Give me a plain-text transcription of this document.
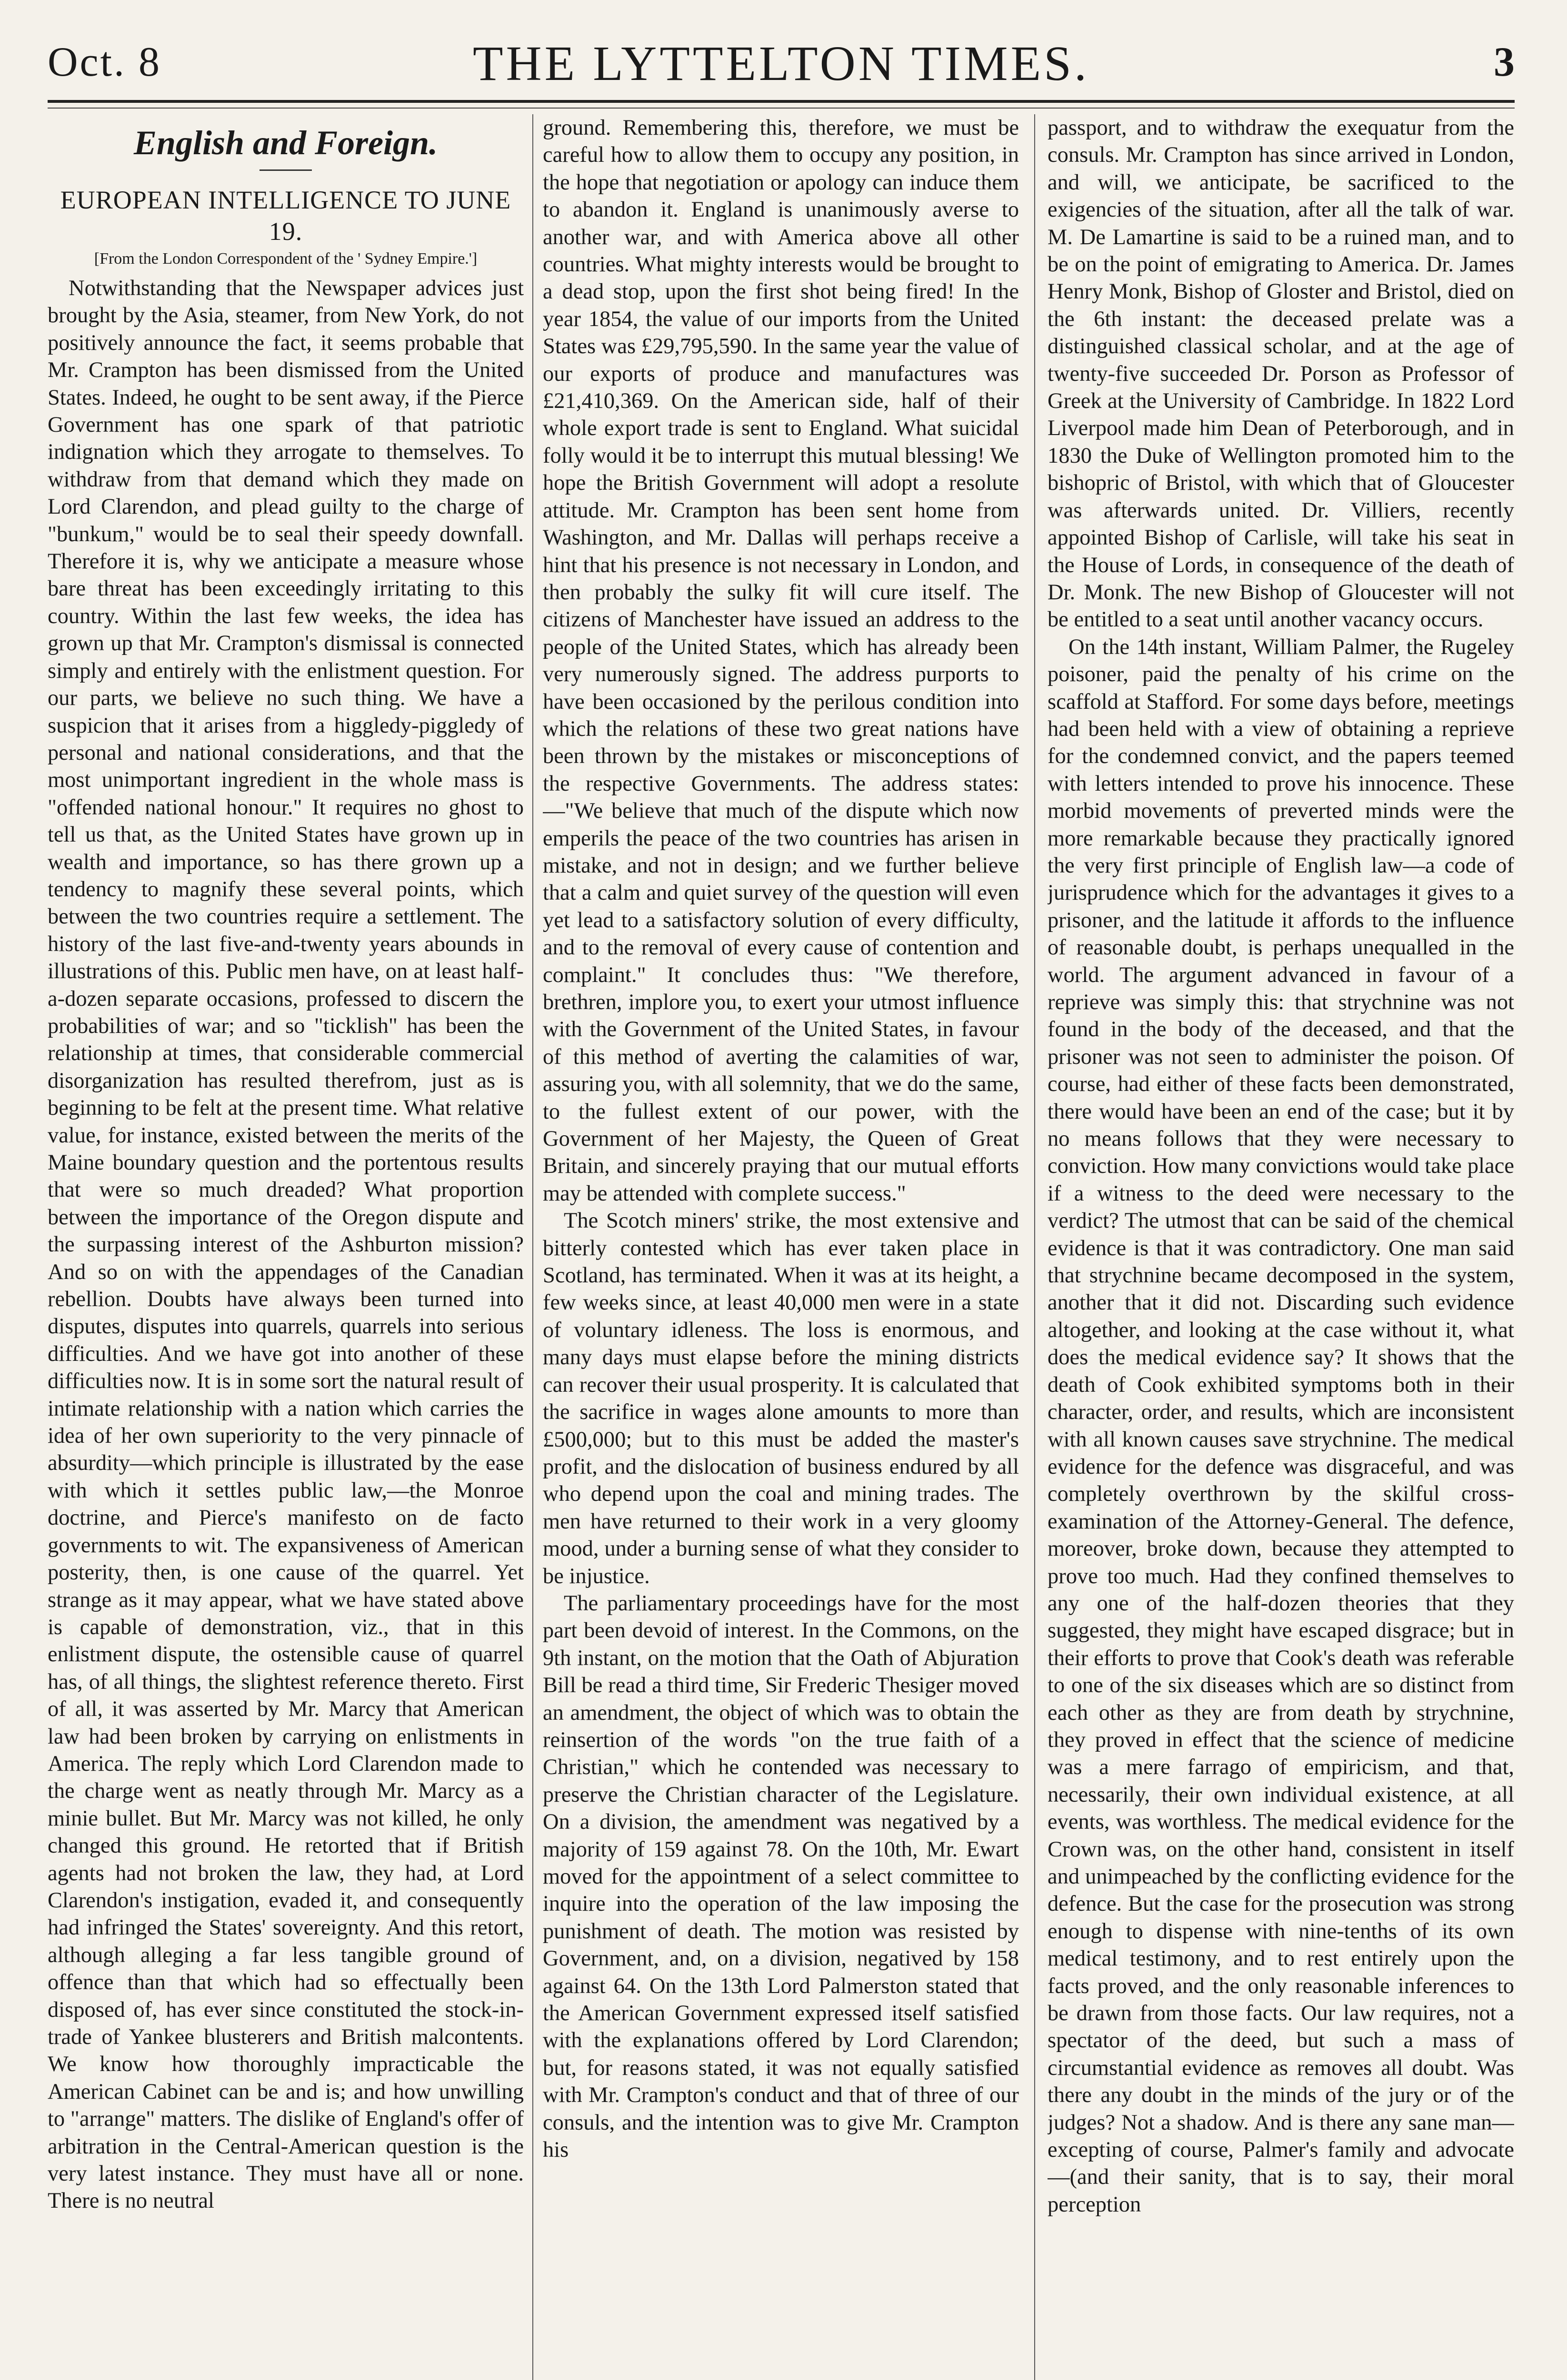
Oct. 8	THE LYTTELTON TIMES.	3
English and Foreign.
EUROPEAN INTELLIGENCE TO JUNE 19.
[From the London Correspondent of the ' Sydney Empire.']

Notwithstanding that the Newspaper advices just brought by the Asia, steamer, from New York, do not positively announce the fact, it seems probable that Mr. Crampton has been dismissed from the United States. Indeed, he ought to be sent away, if the Pierce Government has one spark of that patriotic indignation which they arrogate to themselves. To withdraw from that demand which they made on Lord Clarendon, and plead guilty to the charge of "bunkum," would be to seal their speedy downfall. Therefore it is, why we anticipate a measure whose bare threat has been exceedingly irritating to this country. Within the last few weeks, the idea has grown up that Mr. Crampton's dismissal is connected simply and entirely with the enlistment question. For our parts, we believe no such thing. We have a suspicion that it arises from a higgledy-piggledy of personal and national considerations, and that the most unimportant ingredient in the whole mass is "offended national honour." It requires no ghost to tell us that, as the United States have grown up in wealth and importance, so has there grown up a tendency to magnify these several points, which between the two countries require a settlement. The history of the last five-and-twenty years abounds in illustrations of this. Public men have, on at least half-a-dozen separate occasions, professed to discern the probabilities of war; and so "ticklish" has been the relationship at times, that considerable commercial disorganization has resulted therefrom, just as is beginning to be felt at the present time. What relative value, for instance, existed between the merits of the Maine boundary question and the portentous results that were so much dreaded? What proportion between the importance of the Oregon dispute and the surpassing interest of the Ashburton mission? And so on with the appendages of the Canadian rebellion. Doubts have always been turned into disputes, disputes into quarrels, quarrels into serious difficulties. And we have got into another of these difficulties now. It is in some sort the natural result of intimate relationship with a nation which carries the idea of her own superiority to the very pinnacle of absurdity—which principle is illustrated by the ease with which it settles public law,—the Monroe doctrine, and Pierce's manifesto on de facto governments to wit. The expansiveness of American posterity, then, is one cause of the quarrel. Yet strange as it may appear, what we have stated above is capable of demonstration, viz., that in this enlistment dispute, the ostensible cause of quarrel has, of all things, the slightest reference thereto. First of all, it was asserted by Mr. Marcy that American law had been broken by carrying on enlistments in America. The reply which Lord Clarendon made to the charge went as neatly through Mr. Marcy as a minie bullet. But Mr. Marcy was not killed, he only changed this ground. He retorted that if British agents had not broken the law, they had, at Lord Clarendon's instigation, evaded it, and consequently had infringed the States' sovereignty. And this retort, although alleging a far less tangible ground of offence than that which had so effectually been disposed of, has ever since constituted the stock-in-trade of Yankee blusterers and British malcontents. We know how thoroughly impracticable the American Cabinet can be and is; and how unwilling to "arrange" matters. The dislike of England's offer of arbitration in the Central-American question is the very latest instance. They must have all or none. There is no neutral

ground. Remembering this, therefore, we must be careful how to allow them to occupy any position, in the hope that negotiation or apology can induce them to abandon it. England is unanimously averse to another war, and with America above all other countries. What mighty interests would be brought to a dead stop, upon the first shot being fired! In the year 1854, the value of our imports from the United States was £29,795,590. In the same year the value of our exports of produce and manufactures was £21,410,369. On the American side, half of their whole export trade is sent to England. What suicidal folly would it be to interrupt this mutual blessing! We hope the British Government will adopt a resolute attitude. Mr. Crampton has been sent home from Washington, and Mr. Dallas will perhaps receive a hint that his presence is not necessary in London, and then probably the sulky fit will cure itself. The citizens of Manchester have issued an address to the people of the United States, which has already been very numerously signed. The address purports to have been occasioned by the perilous condition into which the relations of these two great nations have been thrown by the mistakes or misconceptions of the respective Governments. The address states:—"We believe that much of the dispute which now emperils the peace of the two countries has arisen in mistake, and not in design; and we further believe that a calm and quiet survey of the question will even yet lead to a satisfactory solution of every difficulty, and to the removal of every cause of contention and complaint." It concludes thus: "We therefore, brethren, implore you, to exert your utmost influence with the Government of the United States, in favour of this method of averting the calamities of war, assuring you, with all solemnity, that we do the same, to the fullest extent of our power, with the Government of her Majesty, the Queen of Great Britain, and sincerely praying that our mutual efforts may be attended with complete success."

The Scotch miners' strike, the most extensive and bitterly contested which has ever taken place in Scotland, has terminated. When it was at its height, a few weeks since, at least 40,000 men were in a state of voluntary idleness. The loss is enormous, and many days must elapse before the mining districts can recover their usual prosperity. It is calculated that the sacrifice in wages alone amounts to more than £500,000; but to this must be added the master's profit, and the dislocation of business endured by all who depend upon the coal and mining trades. The men have returned to their work in a very gloomy mood, under a burning sense of what they consider to be injustice.

The parliamentary proceedings have for the most part been devoid of interest. In the Commons, on the 9th instant, on the motion that the Oath of Abjuration Bill be read a third time, Sir Frederic Thesiger moved an amendment, the object of which was to obtain the reinsertion of the words "on the true faith of a Christian," which he contended was necessary to preserve the Christian character of the Legislature. On a division, the amendment was negatived by a majority of 159 against 78. On the 10th, Mr. Ewart moved for the appointment of a select committee to inquire into the operation of the law imposing the punishment of death. The motion was resisted by Government, and, on a division, negatived by 158 against 64. On the 13th Lord Palmerston stated that the American Government expressed itself satisfied with the explanations offered by Lord Clarendon; but, for reasons stated, it was not equally satisfied with Mr. Crampton's conduct and that of three of our consuls, and the intention was to give Mr. Crampton his

passport, and to withdraw the exequatur from the consuls. Mr. Crampton has since arrived in London, and will, we anticipate, be sacrificed to the exigencies of the situation, after all the talk of war. M. De Lamartine is said to be a ruined man, and to be on the point of emigrating to America. Dr. James Henry Monk, Bishop of Gloster and Bristol, died on the 6th instant: the deceased prelate was a distinguished classical scholar, and at the age of twenty-five succeeded Dr. Porson as Professor of Greek at the University of Cambridge. In 1822 Lord Liverpool made him Dean of Peterborough, and in 1830 the Duke of Wellington promoted him to the bishopric of Bristol, with which that of Gloucester was afterwards united. Dr. Villiers, recently appointed Bishop of Carlisle, will take his seat in the House of Lords, in consequence of the death of Dr. Monk. The new Bishop of Gloucester will not be entitled to a seat until another vacancy occurs.

On the 14th instant, William Palmer, the Rugeley poisoner, paid the penalty of his crime on the scaffold at Stafford. For some days before, meetings had been held with a view of obtaining a reprieve for the condemned convict, and the papers teemed with letters intended to prove his innocence. These morbid movements of preverted minds were the more remarkable because they practically ignored the very first principle of English law—a code of jurisprudence which for the advantages it gives to a prisoner, and the latitude it affords to the influence of reasonable doubt, is perhaps unequalled in the world. The argument advanced in favour of a reprieve was simply this: that strychnine was not found in the body of the deceased, and that the prisoner was not seen to administer the poison. Of course, had either of these facts been demonstrated, there would have been an end of the case; but it by no means follows that they were necessary to conviction. How many convictions would take place if a witness to the deed were necessary to the verdict? The utmost that can be said of the chemical evidence is that it was contradictory. One man said that strychnine became decomposed in the system, another that it did not. Discarding such evidence altogether, and looking at the case without it, what does the medical evidence say? It shows that the death of Cook exhibited symptoms both in their character, order, and results, which are inconsistent with all known causes save strychnine. The medical evidence for the defence was disgraceful, and was completely overthrown by the skilful cross-examination of the Attorney-General. The defence, moreover, broke down, because they attempted to prove too much. Had they confined themselves to any one of the half-dozen theories that they suggested, they might have escaped disgrace; but in their efforts to prove that Cook's death was referable to one of the six diseases which are so distinct from each other as they are from death by strychnine, they proved in effect that the science of medicine was a mere farrago of empiricism, and that, necessarily, their own individual existence, at all events, was worthless. The medical evidence for the Crown was, on the other hand, consistent in itself and unimpeached by the conflicting evidence for the defence. But the case for the prosecution was strong enough to dispense with nine-tenths of its own medical testimony, and to rest entirely upon the facts proved, and the only reasonable inferences to be drawn from those facts. Our law requires, not a spectator of the deed, but such a mass of circumstantial evidence as removes all doubt. Was there any doubt in the minds of the jury or of the judges? Not a shadow. And is there any sane man—excepting of course, Palmer's family and advocate—(and their sanity, that is to say, their moral perception
